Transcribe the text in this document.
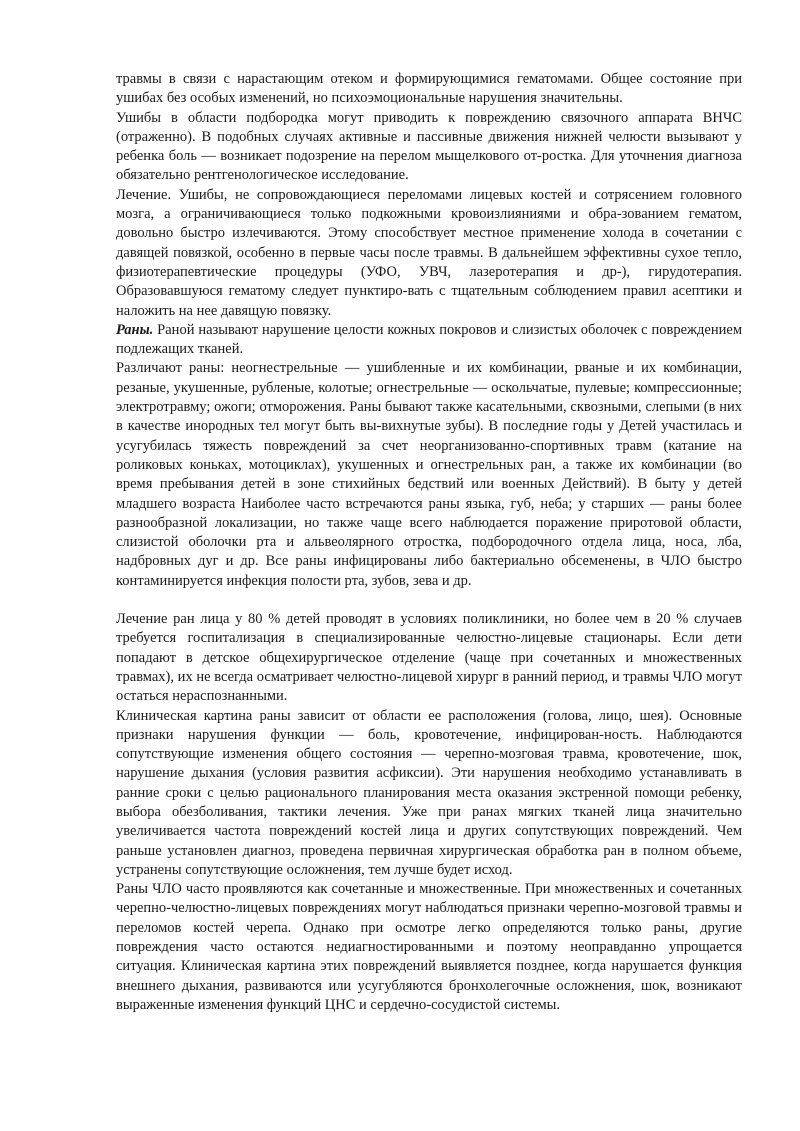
травмы в связи с нарастающим отеком и формирующимися гематомами. Общее состояние при ушибах без особых изменений, но психоэмоциональные нарушения значительны.

Ушибы в области подбородка могут приводить к повреждению связочного аппарата ВНЧС (отраженно). В подобных случаях активные и пассивные движения нижней челюсти вызывают у ребенка боль — возникает подозрение на перелом мыщелкового от-ростка. Для уточнения диагноза обязательно рентгенологическое исследование.

Лечение. Ушибы, не сопровождающиеся переломами лицевых костей и сотрясением головного мозга, а ограничивающиеся только подкожными кровоизлияниями и обра-зованием гематом, довольно быстро излечиваются. Этому способствует местное применение холода в сочетании с давящей повязкой, особенно в первые часы после травмы. В дальнейшем эффективны сухое тепло, физиотерапевтические процедуры (УФО, УВЧ, лазеротерапия и др-), гирудотерапия. Образовавшуюся гематому следует пунктиро-вать с тщательным соблюдением правил асептики и наложить на нее давящую повязку.

Раны. Раной называют нарушение целости кожных покровов и слизистых оболочек с повреждением подлежащих тканей.

Различают раны: неогнестрельные — ушибленные и их комбинации, рваные и их комбинации, резаные, укушенные, рубленые, колотые; огнестрельные — оскольчатые, пулевые; компрессионные; электротравму; ожоги; отморожения. Раны бывают также касательными, сквозными, слепыми (в них в качестве инородных тел могут быть вы-вихнутые зубы). В последние годы у Детей участилась и усугубилась тяжесть повреждений за счет неорганизованно-спортивных травм (катание на роликовых коньках, мотоциклах), укушенных и огнестрельных ран, а также их комбинации (во время пребывания детей в зоне стихийных бедствий или военных Действий). В быту у детей младшего возраста Наиболее часто встречаются раны языка, губ, неба; у старших — раны более разнообразной локализации, но также чаще всего наблюдается поражение приротовой области, слизистой оболочки рта и альвеолярного отростка, подбородочного отдела лица, носа, лба, надбровных дуг и др. Все раны инфицированы либо бактериально обсеменены, в ЧЛО быстро контаминируется инфекция полости рта, зубов, зева и др.

Лечение ран лица у 80 % детей проводят в условиях поликлиники, но более чем в 20 % случаев требуется госпитализация в специализированные челюстно-лицевые стационары. Если дети попадают в детское общехирургическое отделение (чаще при сочетанных и множественных травмах), их не всегда осматривает челюстно-лицевой хирург в ранний период, и травмы ЧЛО могут остаться нераспознанными.

Клиническая картина раны зависит от области ее расположения (голова, лицо, шея). Основные признаки нарушения функции — боль, кровотечение, инфицирован-ность. Наблюдаются сопутствующие изменения общего состояния — черепно-мозговая травма, кровотечение, шок, нарушение дыхания (условия развития асфиксии). Эти нарушения необходимо устанавливать в ранние сроки с целью рационального планирования места оказания экстренной помощи ребенку, выбора обезболивания, тактики лечения. Уже при ранах мягких тканей лица значительно увеличивается частота повреждений костей лица и других сопутствующих повреждений. Чем раньше установлен диагноз, проведена первичная хирургическая обработка ран в полном объеме, устранены сопутствующие осложнения, тем лучше будет исход.

Раны ЧЛО часто проявляются как сочетанные и множественные. При множественных и сочетанных черепно-челюстно-лицевых повреждениях могут наблюдаться признаки черепно-мозговой травмы и переломов костей черепа. Однако при осмотре легко определяются только раны, другие повреждения часто остаются недиагностированными и поэтому неоправданно упрощается ситуация. Клиническая картина этих повреждений выявляется позднее, когда нарушается функция внешнего дыхания, развиваются или усугубляются бронхолегочные осложнения, шок, возникают выраженные изменения функций ЦНС и сердечно-сосудистой системы.
